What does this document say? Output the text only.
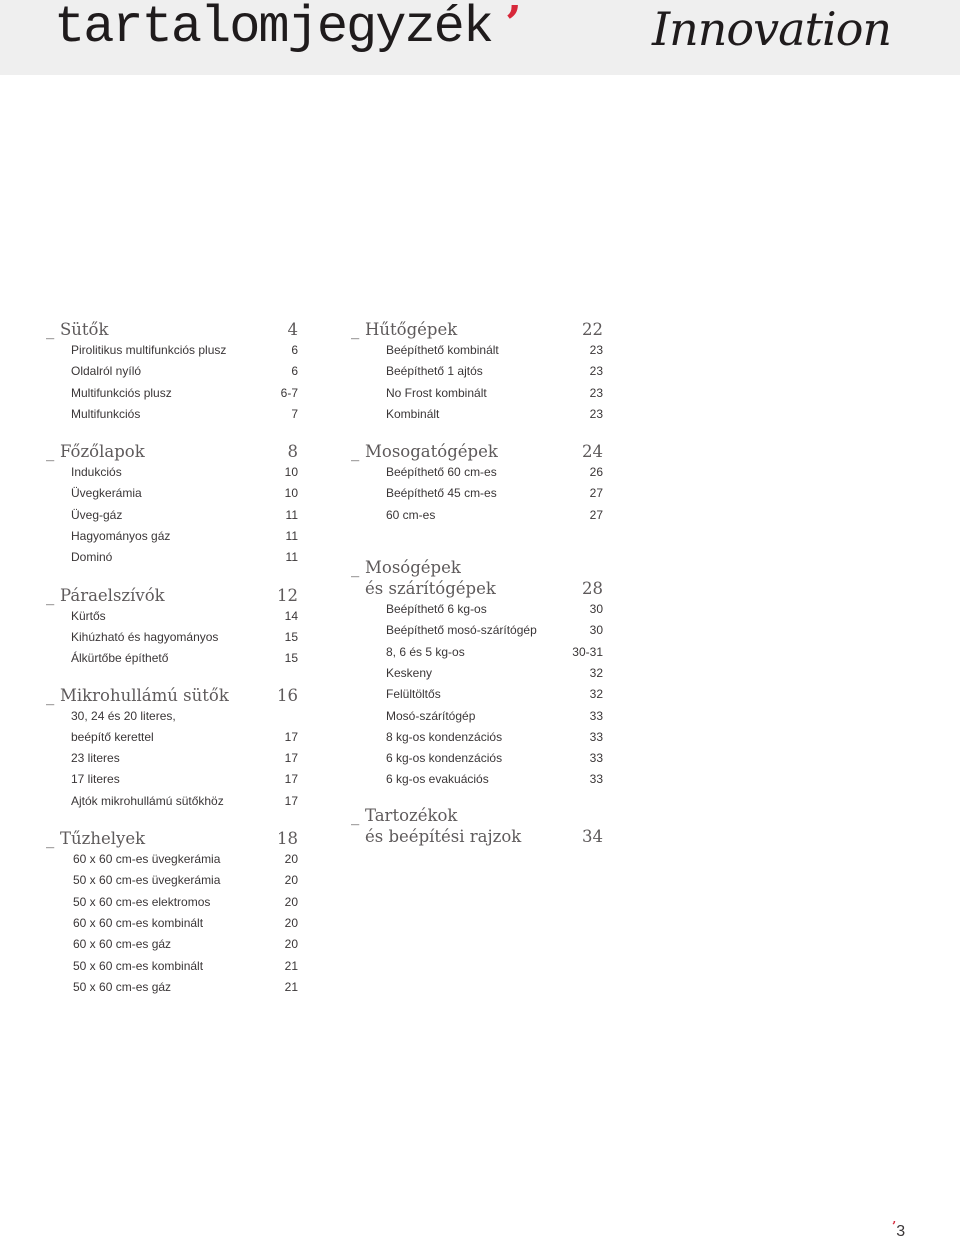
tartalomjegyzék ’	Innovation
_ Sütők	4
Pirolitikus multifunkciós plusz	6
Oldalról nyíló	6
Multifunkciós plusz	6-7
Multifunkciós	7
_ Főzőlapok	8
Indukciós	10
Üvegkerámia	10
Üveg-gáz	11
Hagyományos gáz	11
Dominó	11
_ Páraelszívók	12
Kürtős	14
Kihúzható és hagyományos	15
Álkürtőbe építhető	15
_ Mikrohullámú sütők	16
30, 24 és 20 literes,
beépítő kerettel	17
23 literes	17
17 literes	17
Ajtók mikrohullámú sütőkhöz	17
_ Tűzhelyek	18
60 x 60 cm-es üvegkerámia	20
50 x 60 cm-es üvegkerámia	20
50 x 60 cm-es elektromos	20
60 x 60 cm-es kombinált	20
60 x 60 cm-es gáz	20
50 x 60 cm-es kombinált	21
50 x 60 cm-es gáz	21
_ Hűtőgépek	22
Beépíthető kombinált	23
Beépíthető 1 ajtós	23
No Frost kombinált	23
Kombinált	23
_ Mosogatógépek	24
Beépíthető 60 cm-es	26
Beépíthető 45 cm-es	27
60 cm-es	27
_ Mosógépek
és szárítógépek	28
Beépíthető 6 kg-os	30
Beépíthető mosó-szárítógép	30
8, 6 és 5 kg-os	30-31
Keskeny	32
Felültöltős	32
Mosó-szárítógép	33
8 kg-os kondenzációs	33
6 kg-os kondenzációs	33
6 kg-os evakuációs	33
_ Tartozékok
és beépítési rajzok	34
’3
